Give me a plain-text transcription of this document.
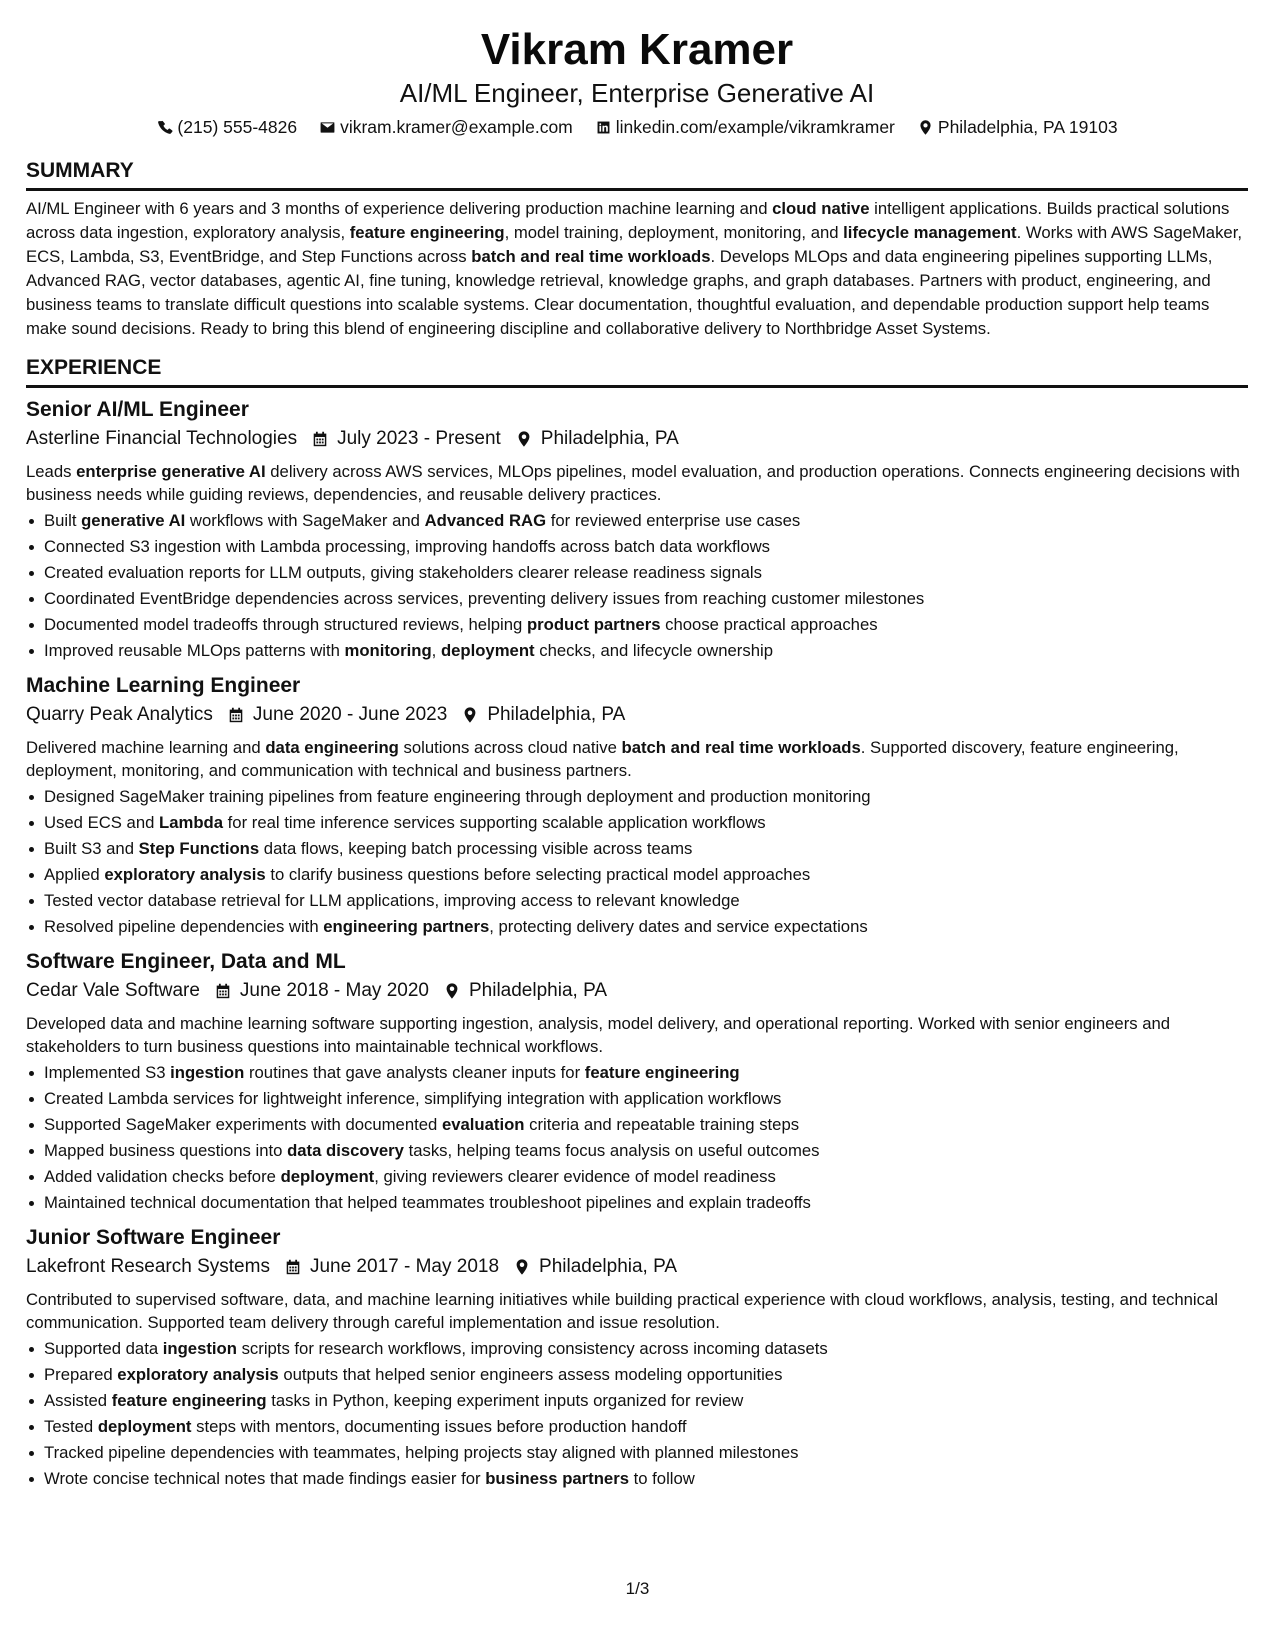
Vikram Kramer
AI/ML Engineer, Enterprise Generative AI
(215) 555-4826 vikram.kramer@example.com linkedin.com/example/vikramkramer Philadelphia, PA 19103
SUMMARY

AI/ML Engineer with 6 years and 3 months of experience delivering production machine learning and cloud native intelligent applications. Builds practical solutions across data ingestion, exploratory analysis, feature engineering, model training, deployment, monitoring, and lifecycle management. Works with AWS SageMaker, ECS, Lambda, S3, EventBridge, and Step Functions across batch and real time workloads. Develops MLOps and data engineering pipelines supporting LLMs, Advanced RAG, vector databases, agentic AI, fine tuning, knowledge retrieval, knowledge graphs, and graph databases. Partners with product, engineering, and business teams to translate difficult questions into scalable systems. Clear documentation, thoughtful evaluation, and dependable production support help teams make sound decisions. Ready to bring this blend of engineering discipline and collaborative delivery to Northbridge Asset Systems.

EXPERIENCE
Senior AI/ML Engineer
Asterline Financial Technologies July 2023 - Present Philadelphia, PA
Leads enterprise generative AI delivery across AWS services, MLOps pipelines, model evaluation, and production operations. Connects engineering decisions with business needs while guiding reviews, dependencies, and reusable delivery practices.
Built generative AI workflows with SageMaker and Advanced RAG for reviewed enterprise use cases
Connected S3 ingestion with Lambda processing, improving handoffs across batch data workflows
Created evaluation reports for LLM outputs, giving stakeholders clearer release readiness signals
Coordinated EventBridge dependencies across services, preventing delivery issues from reaching customer milestones
Documented model tradeoffs through structured reviews, helping product partners choose practical approaches
Improved reusable MLOps patterns with monitoring, deployment checks, and lifecycle ownership
Machine Learning Engineer
Quarry Peak Analytics June 2020 - June 2023 Philadelphia, PA
Delivered machine learning and data engineering solutions across cloud native batch and real time workloads. Supported discovery, feature engineering, deployment, monitoring, and communication with technical and business partners.
Designed SageMaker training pipelines from feature engineering through deployment and production monitoring
Used ECS and Lambda for real time inference services supporting scalable application workflows
Built S3 and Step Functions data flows, keeping batch processing visible across teams
Applied exploratory analysis to clarify business questions before selecting practical model approaches
Tested vector database retrieval for LLM applications, improving access to relevant knowledge
Resolved pipeline dependencies with engineering partners, protecting delivery dates and service expectations
Software Engineer, Data and ML
Cedar Vale Software June 2018 - May 2020 Philadelphia, PA
Developed data and machine learning software supporting ingestion, analysis, model delivery, and operational reporting. Worked with senior engineers and stakeholders to turn business questions into maintainable technical workflows.
Implemented S3 ingestion routines that gave analysts cleaner inputs for feature engineering
Created Lambda services for lightweight inference, simplifying integration with application workflows
Supported SageMaker experiments with documented evaluation criteria and repeatable training steps
Mapped business questions into data discovery tasks, helping teams focus analysis on useful outcomes
Added validation checks before deployment, giving reviewers clearer evidence of model readiness
Maintained technical documentation that helped teammates troubleshoot pipelines and explain tradeoffs
Junior Software Engineer
Lakefront Research Systems June 2017 - May 2018 Philadelphia, PA
Contributed to supervised software, data, and machine learning initiatives while building practical experience with cloud workflows, analysis, testing, and technical communication. Supported team delivery through careful implementation and issue resolution.
Supported data ingestion scripts for research workflows, improving consistency across incoming datasets
Prepared exploratory analysis outputs that helped senior engineers assess modeling opportunities
Assisted feature engineering tasks in Python, keeping experiment inputs organized for review
Tested deployment steps with mentors, documenting issues before production handoff
Tracked pipeline dependencies with teammates, helping projects stay aligned with planned milestones
Wrote concise technical notes that made findings easier for business partners to follow
1/3
